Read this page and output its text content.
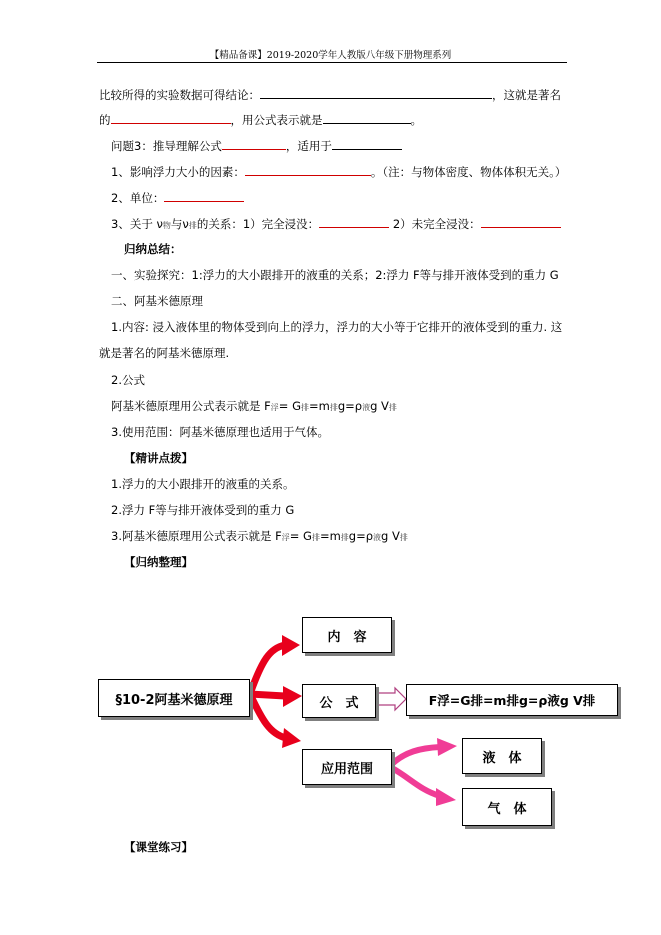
【精品备课】2019-2020学年人教版八年级下册物理系列
比较所得的实验数据可得结论：	，这就是著名
的	，用公式表示就是	。
问题3：推导理解公式	，适用于
1、影响浮力大小的因素：	。（注：与物体密度、物体体积无关。）
2、单位：
3、关于 ν物与ν排的关系：1）完全浸没：	2）未完全浸没：
归纳总结：
一、实验探究：1:浮力的大小跟排开的液重的关系；2:浮力 F等与排开液体受到的重力 G
二、阿基米德原理
1.内容: 浸入液体里的物体受到向上的浮力，浮力的大小等于它排开的液体受到的重力. 这
就是著名的阿基米德原理.
2.公式
阿基米德原理用公式表示就是 F浮= G排=m排g=ρ液g V排
3.使用范围：阿基米德原理也适用于气体。
【精讲点拨】
1.浮力的大小跟排开的液重的关系。
2.浮力 F等与排开液体受到的重力 G
3.阿基米德原理用公式表示就是 F浮= G排=m排g=ρ液g V排
【归纳整理】
§10-2阿基米德原理
内　容
公　式	F浮=G排=m排g=ρ液g V排
应用范围
液　体
气　体
【课堂练习】
